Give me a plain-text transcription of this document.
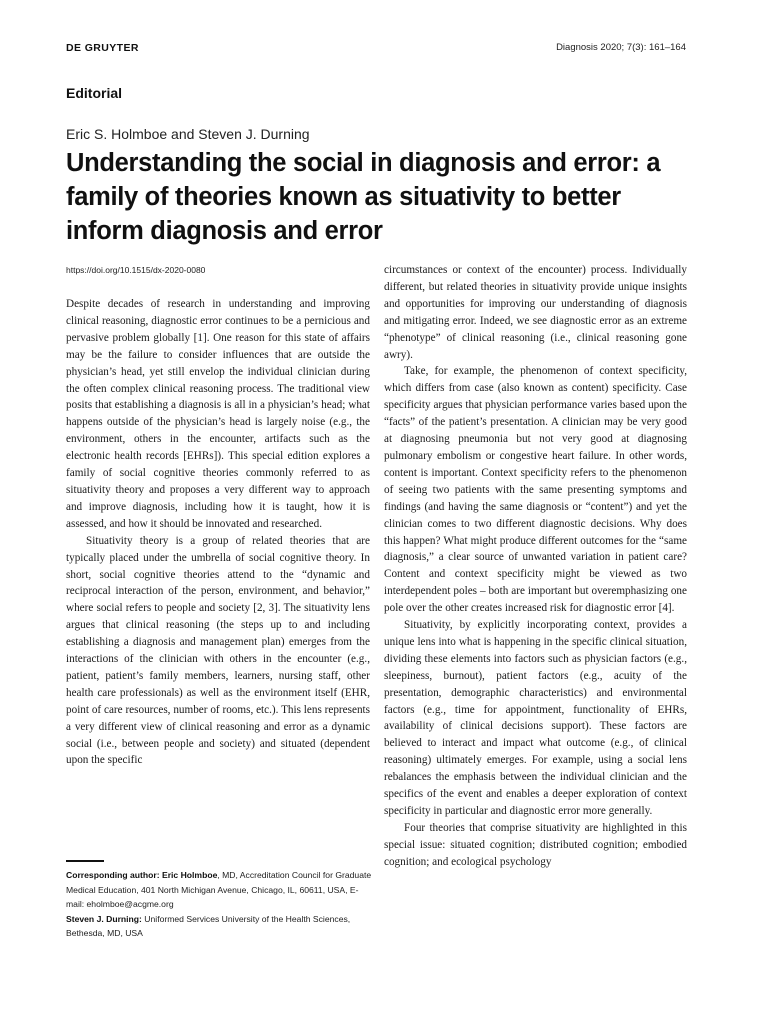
DE GRUYTER	Diagnosis 2020; 7(3): 161–164
Editorial
Eric S. Holmboe and Steven J. Durning
Understanding the social in diagnosis and error: a family of theories known as situativity to better inform diagnosis and error
https://doi.org/10.1515/dx-2020-0080

Despite decades of research in understanding and improving clinical reasoning, diagnostic error continues to be a pernicious and pervasive problem globally [1]. One reason for this state of affairs may be the failure to consider influences that are outside the physician’s head, yet still envelop the individual clinician during the often complex clinical reasoning process. The traditional view posits that establishing a diagnosis is all in a physician’s head; what happens outside of the physician’s head is largely noise (e.g., the environment, others in the encounter, artifacts such as the electronic health records [EHRs]). This special edition explores a family of social cognitive theories commonly referred to as situativity theory and proposes a very different way to approach and improve diagnosis, including how it is taught, how it is assessed, and how it should be innovated and researched.

Situativity theory is a group of related theories that are typically placed under the umbrella of social cognitive theory. In short, social cognitive theories attend to the “dynamic and reciprocal interaction of the person, environment, and behavior,” where social refers to people and society [2, 3]. The situativity lens argues that clinical reasoning (the steps up to and including establishing a diagnosis and management plan) emerges from the interactions of the clinician with others in the encounter (e.g., patient, patient’s family members, learners, nursing staff, other health care professionals) as well as the environment itself (EHR, point of care resources, number of rooms, etc.). This lens represents a very different view of clinical reasoning and error as a dynamic social (i.e., between people and society) and situated (dependent upon the specific

circumstances or context of the encounter) process. Individually different, but related theories in situativity provide unique insights and opportunities for improving our understanding of diagnosis and mitigating error. Indeed, we see diagnostic error as an extreme “phenotype” of clinical reasoning (i.e., clinical reasoning gone awry).

Take, for example, the phenomenon of context specificity, which differs from case (also known as content) specificity. Case specificity argues that physician performance varies based upon the “facts” of the patient’s presentation. A clinician may be very good at diagnosing pneumonia but not very good at diagnosing pulmonary embolism or congestive heart failure. In other words, content is important. Context specificity refers to the phenomenon of seeing two patients with the same presenting symptoms and findings (and having the same diagnosis or “content”) and yet the clinician comes to two different diagnostic decisions. Why does this happen? What might produce different outcomes for the “same diagnosis,” a clear source of unwanted variation in patient care? Content and context specificity might be viewed as two interdependent poles – both are important but overemphasizing one pole over the other creates increased risk for diagnostic error [4].

Situativity, by explicitly incorporating context, provides a unique lens into what is happening in the specific clinical situation, dividing these elements into factors such as physician factors (e.g., sleepiness, burnout), patient factors (e.g., acuity of the presentation, demographic characteristics) and environmental factors (e.g., time for appointment, functionality of EHRs, availability of clinical decisions support). These factors are believed to interact and impact what outcome (e.g., of clinical reasoning) ultimately emerges. For example, using a social lens rebalances the emphasis between the individual clinician and the specifics of the event and enables a deeper exploration of context specificity in particular and diagnostic error more generally.

Four theories that comprise situativity are highlighted in this special issue: situated cognition; distributed cognition; embodied cognition; and ecological psychology

Corresponding author: Eric Holmboe, MD, Accreditation Council for Graduate Medical Education, 401 North Michigan Avenue, Chicago, IL, 60611, USA, E-mail: eholmboe@acgme.org

Steven J. Durning: Uniformed Services University of the Health Sciences, Bethesda, MD, USA
